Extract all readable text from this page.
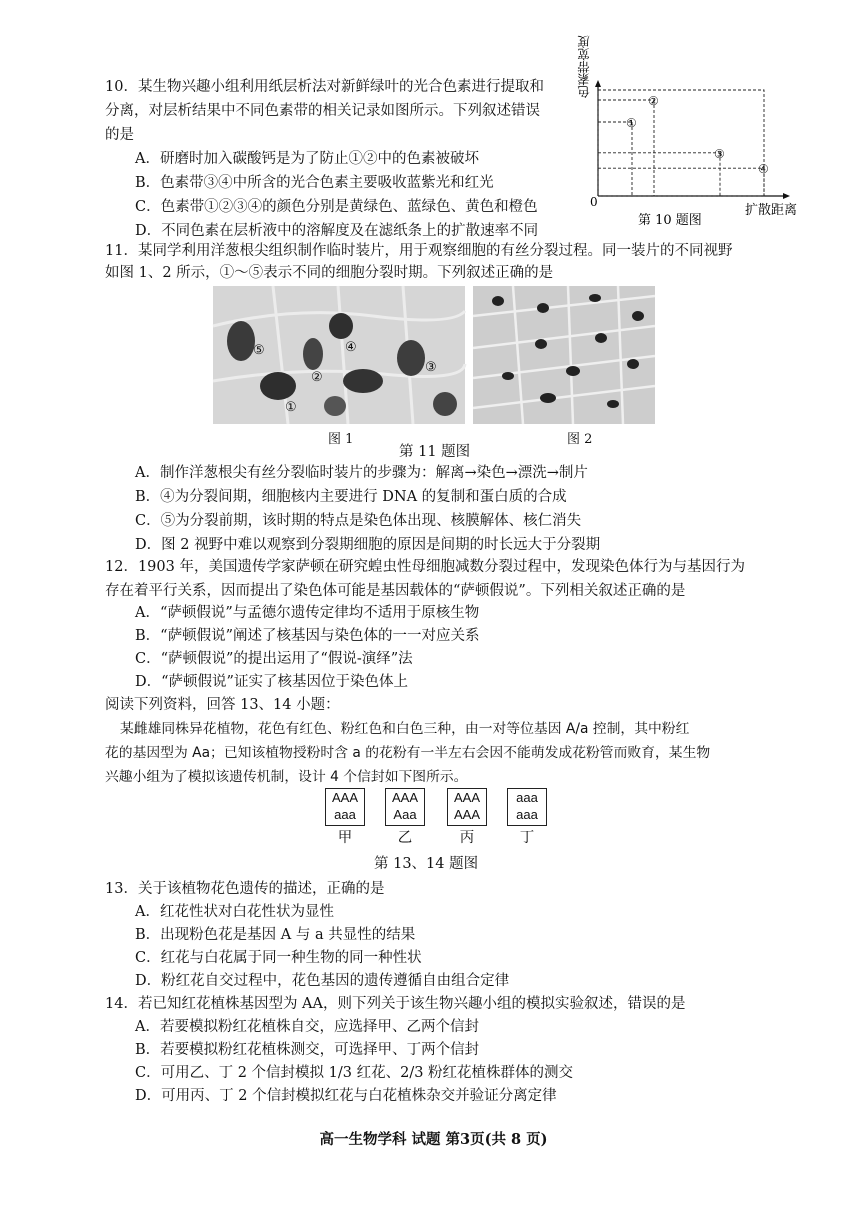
10．某生物兴趣小组利用纸层析法对新鲜绿叶的光合色素进行提取和
分离，对层析结果中不同色素带的相关记录如图所示。下列叙述错误
的是
A．研磨时加入碳酸钙是为了防止①②中的色素被破坏
B．色素带③④中所含的光合色素主要吸收蓝紫光和红光
C．色素带①②③④的颜色分别是黄绿色、蓝绿色、黄色和橙色
D．不同色素在层析液中的溶解度及在滤纸条上的扩散速率不同
①
②
③
④
色素带宽度
0
扩散距离
第 10 题图
11．某同学利用洋葱根尖组织制作临时装片，用于观察细胞的有丝分裂过程。同一装片的不同视野
如图 1、2 所示，①～⑤表示不同的细胞分裂时期。下列叙述正确的是
⑤	④
③
②
①
图 1	图 2
第 11 题图
A．制作洋葱根尖有丝分裂临时装片的步骤为：解离→染色→漂洗→制片
B．④为分裂间期，细胞核内主要进行 DNA 的复制和蛋白质的合成
C．⑤为分裂前期，该时期的特点是染色体出现、核膜解体、核仁消失
D．图 2 视野中难以观察到分裂期细胞的原因是间期的时长远大于分裂期
12．1903 年，美国遗传学家萨顿在研究蝗虫性母细胞减数分裂过程中，发现染色体行为与基因行为
存在着平行关系，因而提出了染色体可能是基因载体的“萨顿假说”。下列相关叙述正确的是
A．“萨顿假说”与孟德尔遗传定律均不适用于原核生物
B．“萨顿假说”阐述了核基因与染色体的一一对应关系
C．“萨顿假说”的提出运用了“假说-演绎”法
D．“萨顿假说”证实了核基因位于染色体上
阅读下列资料，回答 13、14 小题：
某雌雄同株异花植物，花色有红色、粉红色和白色三种，由一对等位基因 A/a 控制，其中粉红
花的基因型为 Aa；已知该植物授粉时含 a 的花粉有一半左右会因不能萌发成花粉管而败育，某生物
兴趣小组为了模拟该遗传机制，设计 4 个信封如下图所示。
AAA
aaa
甲
AAA
Aaa
乙
AAA
AAA
丙
aaa
aaa
丁
第 13、14 题图
13．关于该植物花色遗传的描述，正确的是
A．红花性状对白花性状为显性
B．出现粉色花是基因 A 与 a 共显性的结果
C．红花与白花属于同一种生物的同一种性状
D．粉红花自交过程中，花色基因的遗传遵循自由组合定律
14．若已知红花植株基因型为 AA，则下列关于该生物兴趣小组的模拟实验叙述，错误的是
A．若要模拟粉红花植株自交，应选择甲、乙两个信封
B．若要模拟粉红花植株测交，可选择甲、丁两个信封
C．可用乙、丁 2 个信封模拟 1/3 红花、2/3 粉红花植株群体的测交
D．可用丙、丁 2 个信封模拟红花与白花植株杂交并验证分离定律
高一生物学科 试题 第3页(共 8 页)
